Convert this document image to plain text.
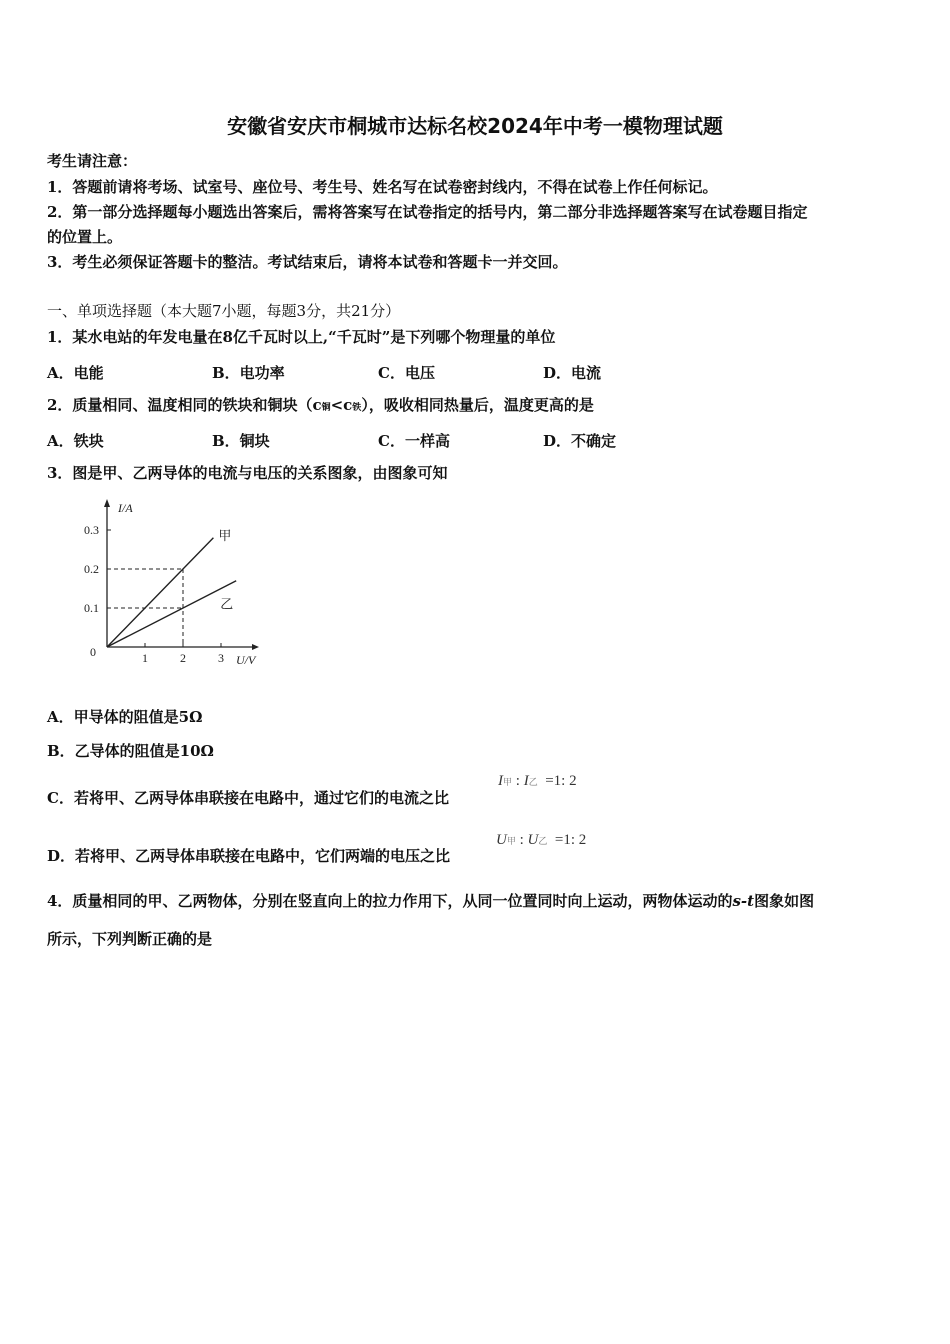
安徽省安庆市桐城市达标名校2024年中考一模物理试题
考生请注意：
1．答题前请将考场、试室号、座位号、考生号、姓名写在试卷密封线内，不得在试卷上作任何标记。
2．第一部分选择题每小题选出答案后，需将答案写在试卷指定的括号内，第二部分非选择题答案写在试卷题目指定
的位置上。
3．考生必须保证答题卡的整洁。考试结束后，请将本试卷和答题卡一并交回。
一、单项选择题（本大题7小题，每题3分，共21分）
1．某水电站的年发电量在8亿千瓦时以上,“千瓦时”是下列哪个物理量的单位
A．电能	B．电功率	C．电压	D．电流
2．质量相同、温度相同的铁块和铜块（c铜<c铁），吸收相同热量后，温度更高的是
A．铁块	B．铜块	C．一样高	D．不确定
3．图是甲、乙两导体的电流与电压的关系图象，由图象可知
I/A
U/V
0	1	2	3
0.1
0.2
0.3	甲
乙
A．甲导体的阻值是5Ω
B．乙导体的阻值是10Ω
C．若将甲、乙两导体串联接在电路中，通过它们的电流之比
I甲 : I乙 =1: 2
D．若将甲、乙两导体串联接在电路中，它们两端的电压之比
U甲 : U乙 =1: 2
4．质量相同的甲、乙两物体，分别在竖直向上的拉力作用下，从同一位置同时向上运动，两物体运动的s-t图象如图
所示，下列判断正确的是
